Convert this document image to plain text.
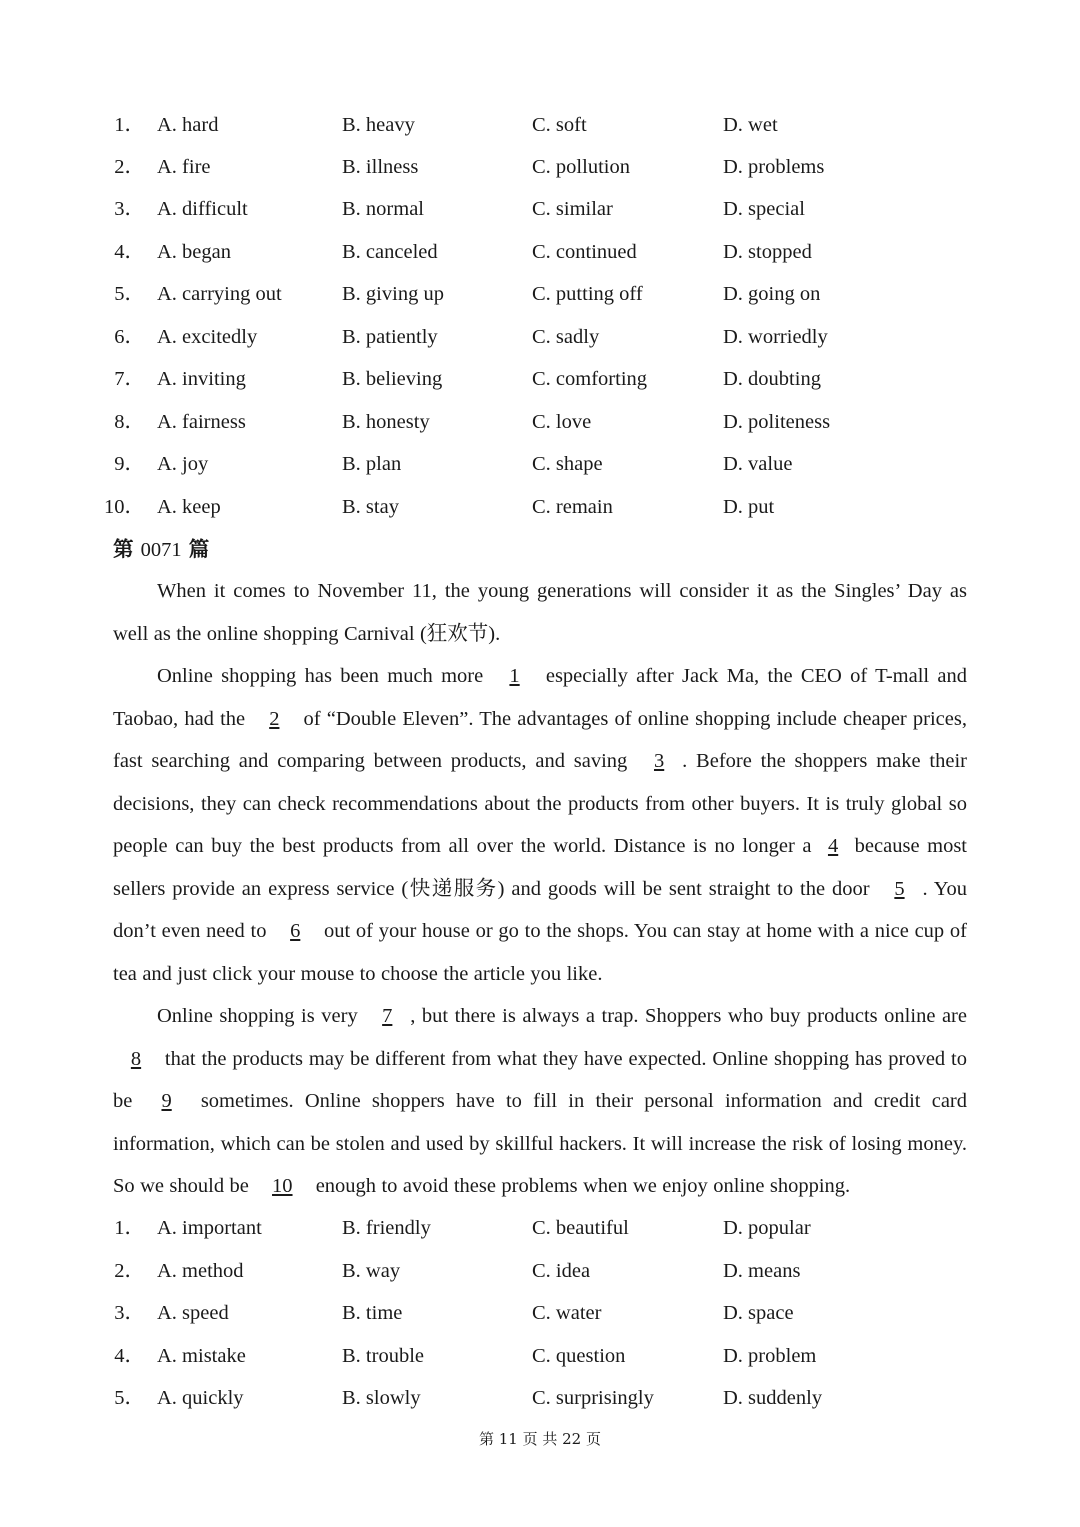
1． A. hard	B. heavy	C. soft	D. wet
2． A. fire	B. illness	C. pollution	D. problems
3． A. difficult	B. normal	C. similar	D. special
4． A. began	B. canceled	C. continued	D. stopped
5． A. carrying out	B. giving up	C. putting off	D. going on
6． A. excitedly	B. patiently	C. sadly	D. worriedly
7． A. inviting	B. believing	C. comforting	D. doubting
8． A. fairness	B. honesty	C. love	D. politeness
9． A. joy	B. plan	C. shape	D. value
10． A. keep	B. stay	C. remain	D. put
第 0071 篇
When it comes to November 11, the young generations will consider it as the Singles’ Day as well as the online shopping Carnival (狂欢节).
Online shopping has been much more 1 especially after Jack Ma, the CEO of T-mall and Taobao, had the 2 of “Double Eleven”. The advantages of online shopping include cheaper prices, fast searching and comparing between products, and saving 3 . Before the shoppers make their decisions, they can check recommendations about the products from other buyers. It is truly global so people can buy the best products from all over the world. Distance is no longer a 4 because most sellers provide an express service (快递服务) and goods will be sent straight to the door 5 . You don’t even need to 6 out of your house or go to the shops. You can stay at home with a nice cup of tea and just click your mouse to choose the article you like.
Online shopping is very 7 , but there is always a trap. Shoppers who buy products online are 8 that the products may be different from what they have expected. Online shopping has proved to be 9 sometimes. Online shoppers have to fill in their personal information and credit card information, which can be stolen and used by skillful hackers. It will increase the risk of losing money. So we should be 10 enough to avoid these problems when we enjoy online shopping.
1． A. important	B. friendly	C. beautiful	D. popular
2． A. method	B. way	C. idea	D. means
3． A. speed	B. time	C. water	D. space
4． A. mistake	B. trouble	C. question	D. problem
5． A. quickly	B. slowly	C. surprisingly	D. suddenly
第 11 页 共 22 页
